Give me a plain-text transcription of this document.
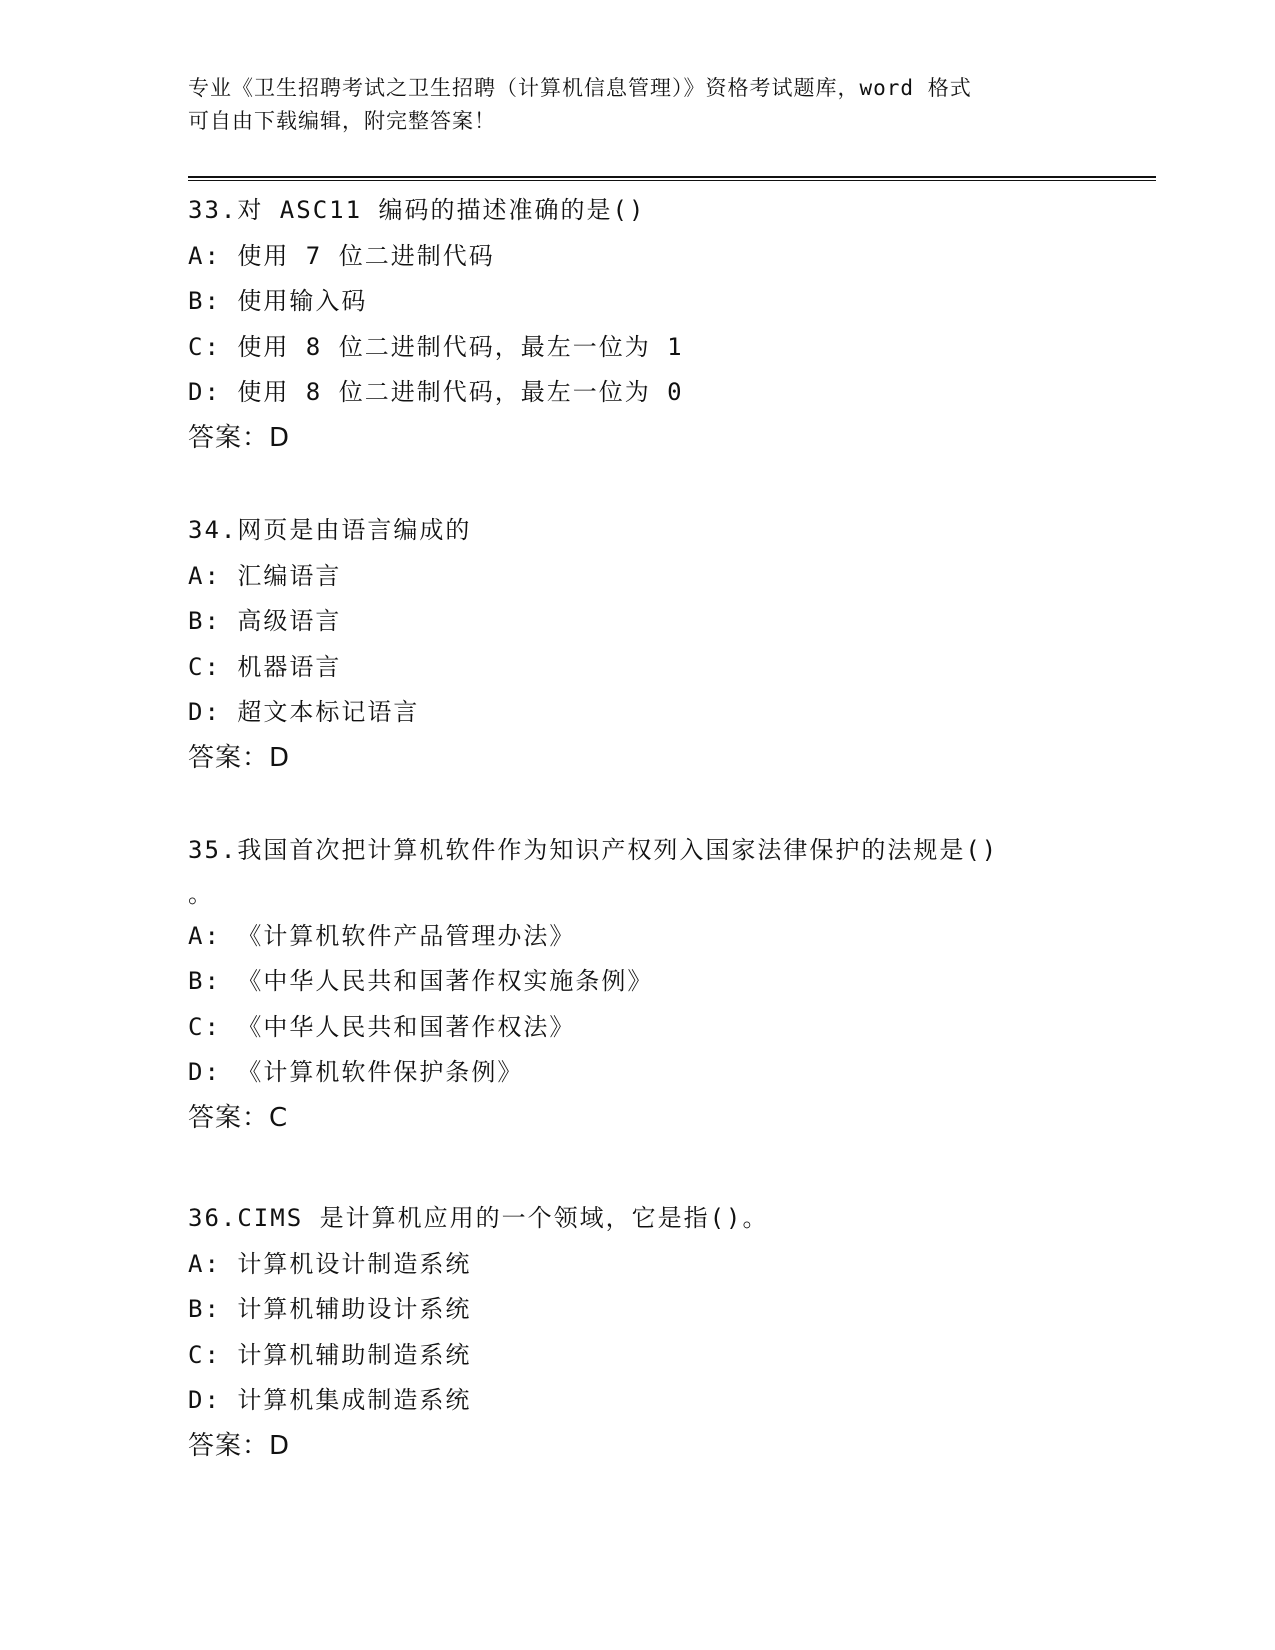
专业《卫生招聘考试之卫生招聘（计算机信息管理）》资格考试题库，word 格式
可自由下载编辑，附完整答案！
33.对 ASC11 编码的描述准确的是()
A: 使用 7 位二进制代码
B: 使用输入码
C: 使用 8 位二进制代码，最左一位为 1
D: 使用 8 位二进制代码，最左一位为 0
答案：D
34.网页是由语言编成的
A: 汇编语言
B: 高级语言
C: 机器语言
D: 超文本标记语言
答案：D
35.我国首次把计算机软件作为知识产权列入国家法律保护的法规是()
。
A: 《计算机软件产品管理办法》
B: 《中华人民共和国著作权实施条例》
C: 《中华人民共和国著作权法》
D: 《计算机软件保护条例》
答案：C
36.CIMS 是计算机应用的一个领域，它是指()。
A: 计算机设计制造系统
B: 计算机辅助设计系统
C: 计算机辅助制造系统
D: 计算机集成制造系统
答案：D
